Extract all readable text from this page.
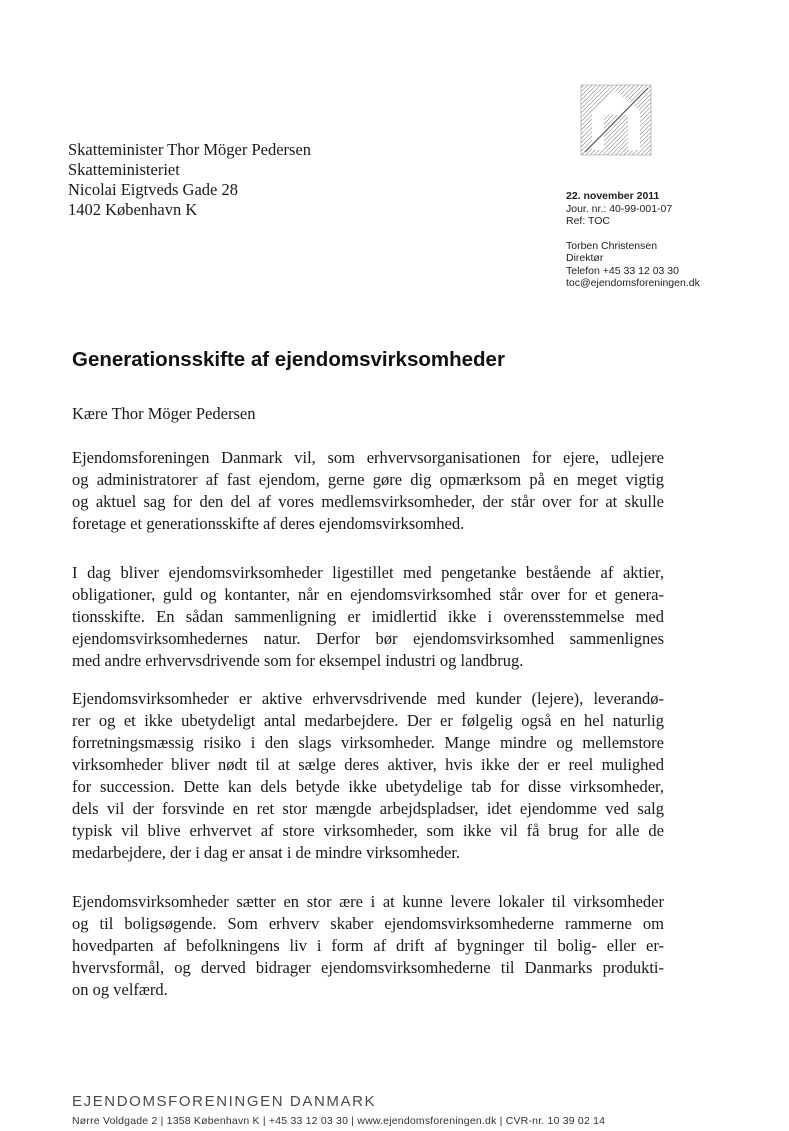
Skatteminister Thor Möger Pedersen
Skatteministeriet
Nicolai Eigtveds Gade 28
1402 København K
22. november 2011
Jour. nr.: 40-99-001-07
Ref: TOC
Torben Christensen
Direktør
Telefon +45 33 12 03 30
toc@ejendomsforeningen.dk
Generationsskifte af ejendomsvirksomheder
Kære Thor Möger Pedersen
Ejendomsforeningen Danmark vil, som erhvervsorganisationen for ejere, udlejere
og administratorer af fast ejendom, gerne gøre dig opmærksom på en meget vigtig
og aktuel sag for den del af vores medlemsvirksomheder, der står over for at skulle
foretage et generationsskifte af deres ejendomsvirksomhed.
I dag bliver ejendomsvirksomheder ligestillet med pengetanke bestående af aktier,
obligationer, guld og kontanter, når en ejendomsvirksomhed står over for et genera-
tionsskifte. En sådan sammenligning er imidlertid ikke i overensstemmelse med
ejendomsvirksomhedernes natur. Derfor bør ejendomsvirksomhed sammenlignes
med andre erhvervsdrivende som for eksempel industri og landbrug.
Ejendomsvirksomheder er aktive erhvervsdrivende med kunder (lejere), leverandø-
rer og et ikke ubetydeligt antal medarbejdere. Der er følgelig også en hel naturlig
forretningsmæssig risiko i den slags virksomheder. Mange mindre og mellemstore
virksomheder bliver nødt til at sælge deres aktiver, hvis ikke der er reel mulighed
for succession. Dette kan dels betyde ikke ubetydelige tab for disse virksomheder,
dels vil der forsvinde en ret stor mængde arbejdspladser, idet ejendomme ved salg
typisk vil blive erhvervet af store virksomheder, som ikke vil få brug for alle de
medarbejdere, der i dag er ansat i de mindre virksomheder.
Ejendomsvirksomheder sætter en stor ære i at kunne levere lokaler til virksomheder
og til boligsøgende. Som erhverv skaber ejendomsvirksomhederne rammerne om
hovedparten af befolkningens liv i form af drift af bygninger til bolig- eller er-
hvervsformål, og derved bidrager ejendomsvirksomhederne til Danmarks produkti-
on og velfærd.
EJENDOMSFORENINGEN DANMARK
Nørre Voldgade 2 | 1358 København K | +45 33 12 03 30 | www.ejendomsforeningen.dk | CVR-nr. 10 39 02 14
